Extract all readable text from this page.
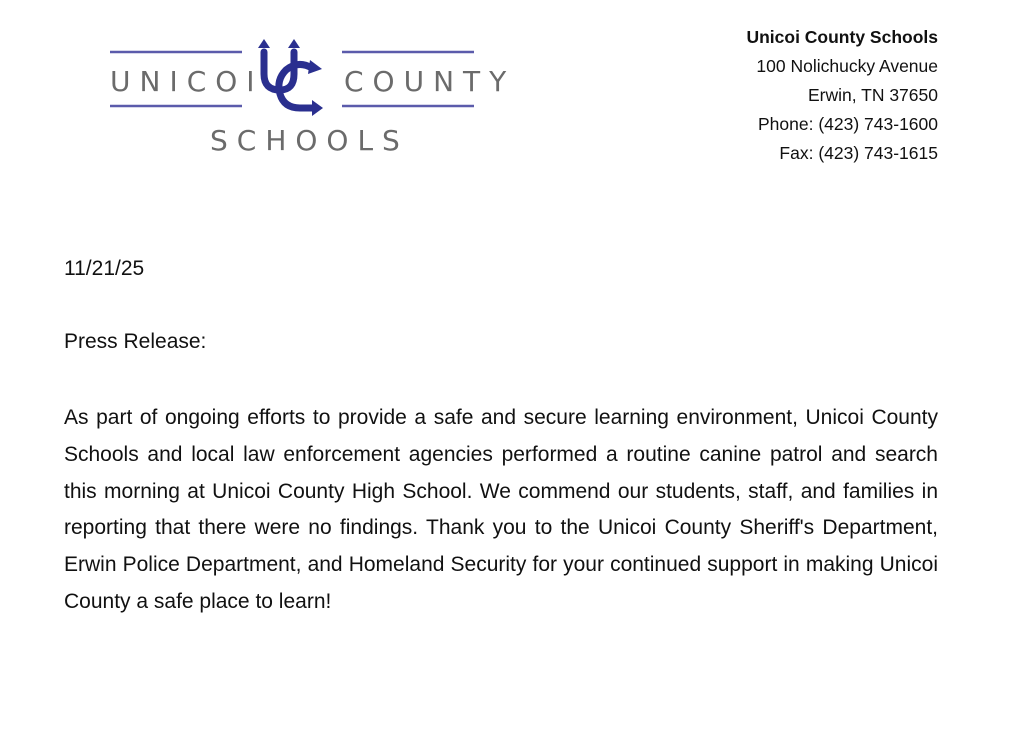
UNICOI	COUNTY
SCHOOLS
Unicoi County Schools
100 Nolichucky Avenue
Erwin, TN 37650
Phone: (423) 743-1600
Fax: (423) 743-1615
11/21/25
Press Release:

As part of ongoing efforts to provide a safe and secure learning environment, Unicoi County Schools and local law enforcement agencies performed a routine canine patrol and search this morning at Unicoi County High School. We commend our students, staff, and families in reporting that there were no findings. Thank you to the Unicoi County Sheriff's Department, Erwin Police Department, and Homeland Security for your continued support in making Unicoi County a safe place to learn!
